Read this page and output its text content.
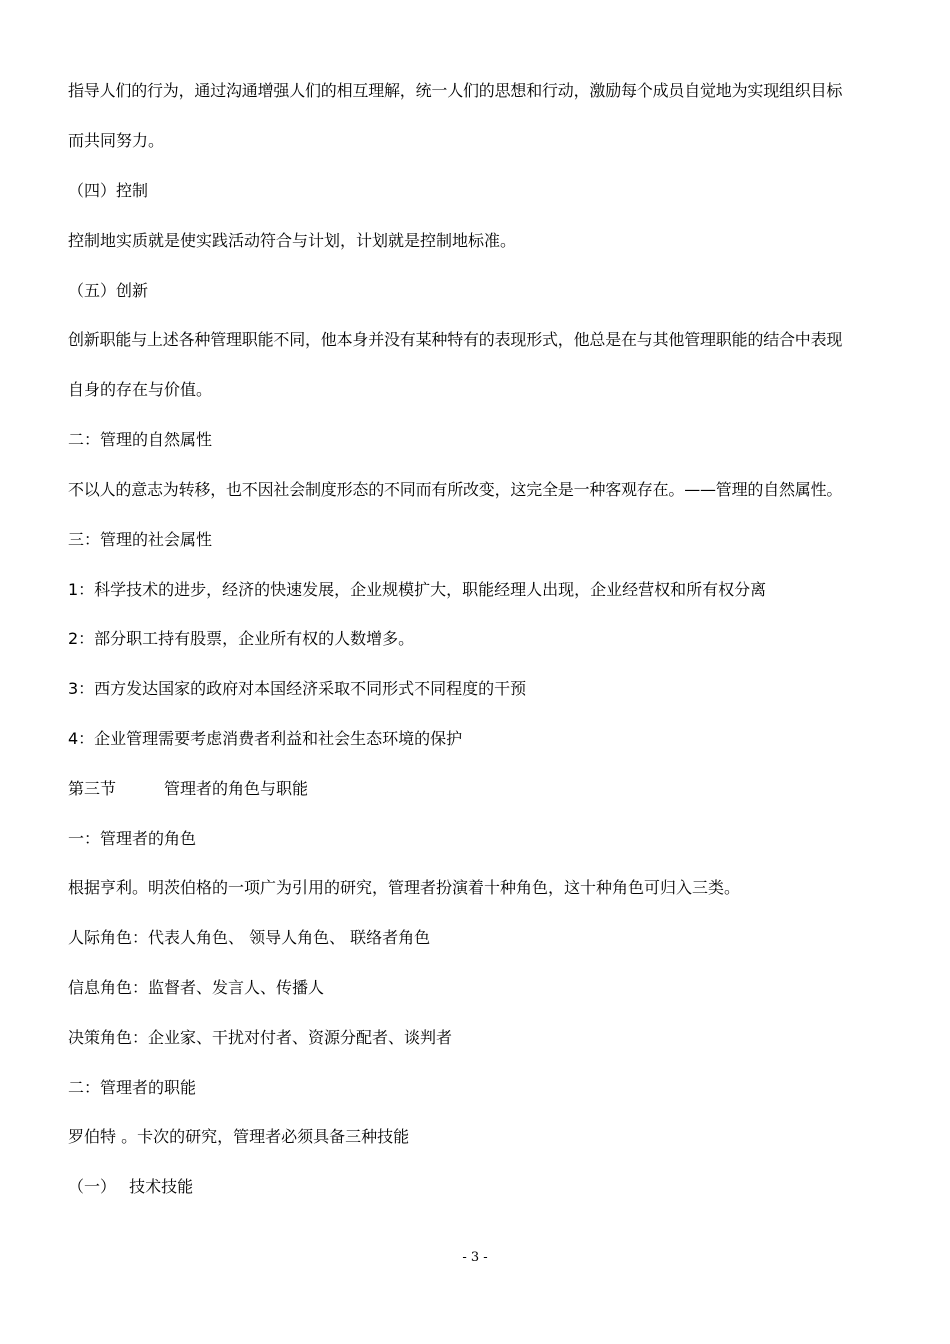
指导人们的行为，通过沟通增强人们的相互理解，统一人们的思想和行动，激励每个成员自觉地为实现组织目标
而共同努力。
（四）控制
控制地实质就是使实践活动符合与计划，计划就是控制地标准。
（五）创新
创新职能与上述各种管理职能不同，他本身并没有某种特有的表现形式，他总是在与其他管理职能的结合中表现
自身的存在与价值。
二：管理的自然属性
不以人的意志为转移，也不因社会制度形态的不同而有所改变，这完全是一种客观存在。——管理的自然属性。
三：管理的社会属性
1：科学技术的进步，经济的快速发展，企业规模扩大，职能经理人出现，企业经营权和所有权分离
2：部分职工持有股票，企业所有权的人数增多。
3：西方发达国家的政府对本国经济采取不同形式不同程度的干预
4：企业管理需要考虑消费者利益和社会生态环境的保护
第三节　　　管理者的角色与职能
一：管理者的角色
根据亨利。明茨伯格的一项广为引用的研究，管理者扮演着十种角色，这十种角色可归入三类。
人际角色：代表人角色、 领导人角色、 联络者角色
信息角色：监督者、发言人、传播人
决策角色：企业家、干扰对付者、资源分配者、谈判者
二：管理者的职能
罗伯特 。卡次的研究，管理者必须具备三种技能
（一）　 技术技能
- 3 -
